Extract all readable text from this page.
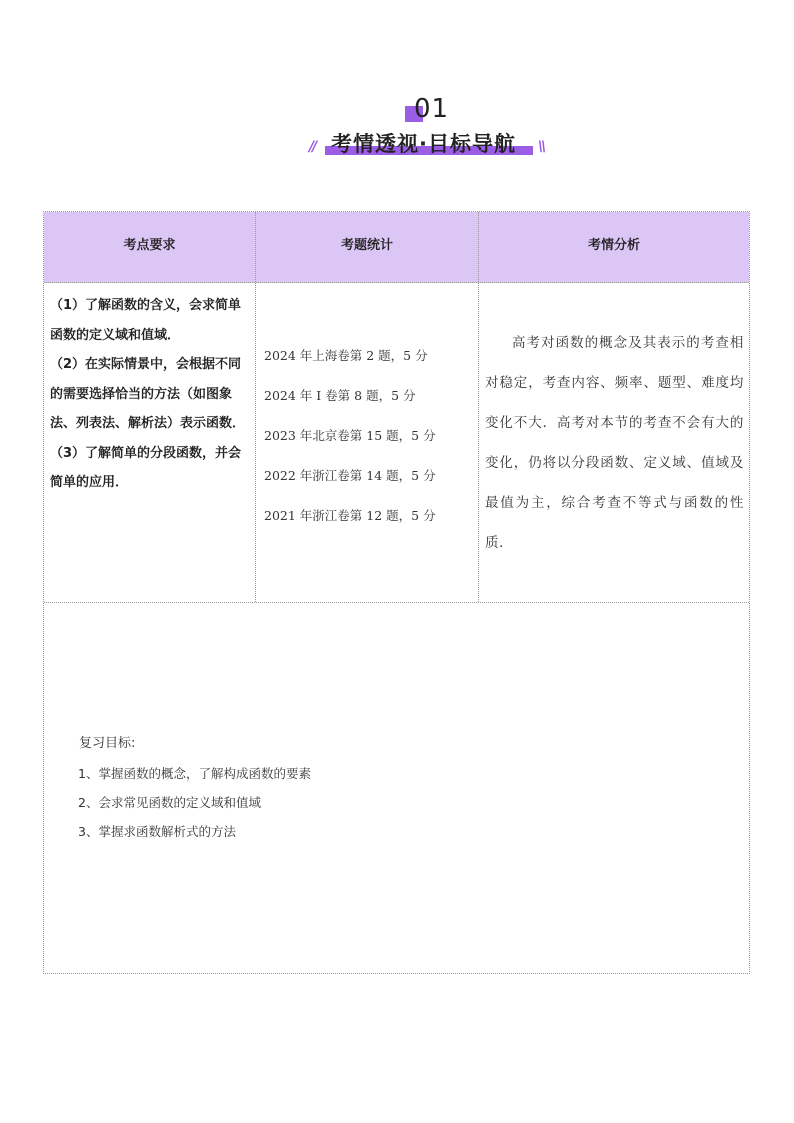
01
// 考情透视·目标导航 \\
考点要求	考题统计	考情分析

（1）了解函数的含义，会求简单函数的定义域和值域．

（2）在实际情景中，会根据不同的需要选择恰当的方法（如图象法、列表法、解析法）表示函数．

（3）了解简单的分段函数，并会简单的应用．

2024 年上海卷第 2 题，5 分
2024 年 I 卷第 8 题，5 分
2023 年北京卷第 15 题，5 分
2022 年浙江卷第 14 题，5 分
2021 年浙江卷第 12 题，5 分
高考对函数的概念及其表示的考查相对稳定，考查内容、频率、题型、难度均变化不大．高考对本节的考查不会有大的变化，仍将以分段函数、定义域、值域及最值为主，综合考查不等式与函数的性质．
复习目标:
1、掌握函数的概念，了解构成函数的要素
2、会求常见函数的定义域和值域
3、掌握求函数解析式的方法
